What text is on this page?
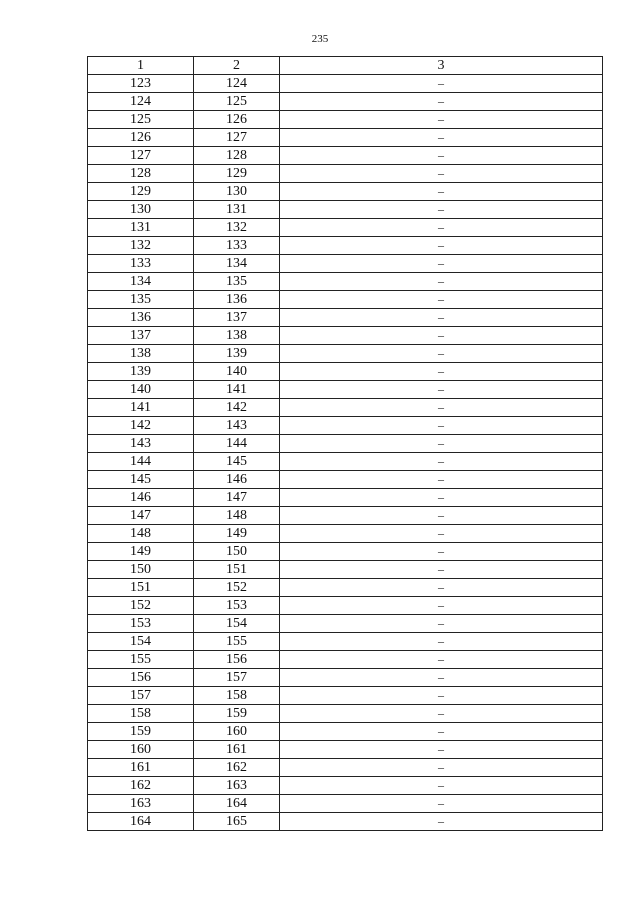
235
1	2	3
123	124	–
124	125	–
125	126	–
126	127	–
127	128	–
128	129	–
129	130	–
130	131	–
131	132	–
132	133	–
133	134	–
134	135	–
135	136	–
136	137	–
137	138	–
138	139	–
139	140	–
140	141	–
141	142	–
142	143	–
143	144	–
144	145	–
145	146	–
146	147	–
147	148	–
148	149	–
149	150	–
150	151	–
151	152	–
152	153	–
153	154	–
154	155	–
155	156	–
156	157	–
157	158	–
158	159	–
159	160	–
160	161	–
161	162	–
162	163	–
163	164	–
164	165	–
